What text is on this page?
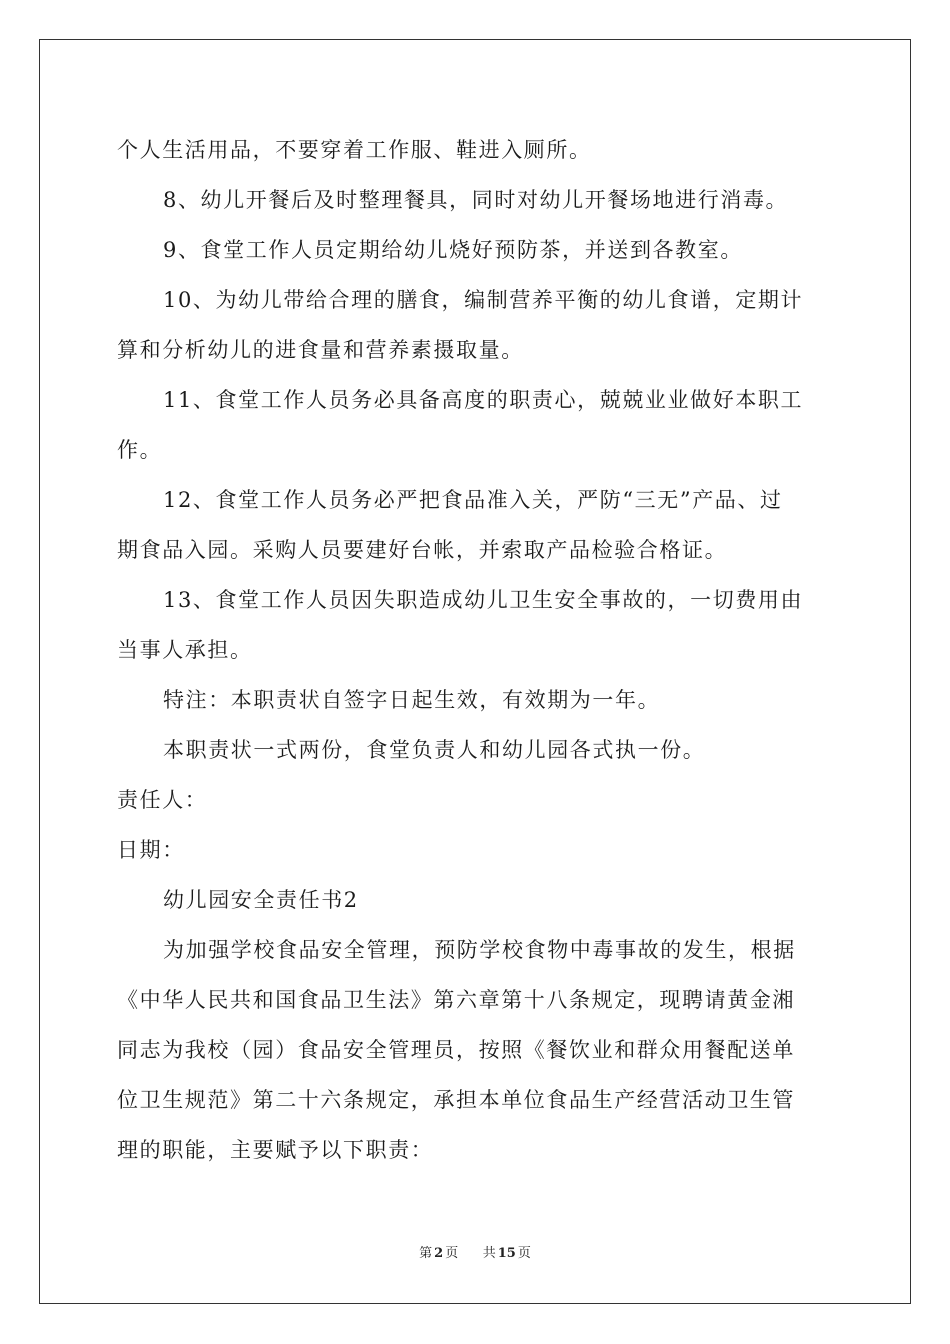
个人生活用品，不要穿着工作服、鞋进入厕所。
8、幼儿开餐后及时整理餐具，同时对幼儿开餐场地进行消毒。
9、食堂工作人员定期给幼儿烧好预防茶，并送到各教室。
10、为幼儿带给合理的膳食，编制营养平衡的幼儿食谱，定期计
算和分析幼儿的进食量和营养素摄取量。
11、食堂工作人员务必具备高度的职责心，兢兢业业做好本职工
作。
12、食堂工作人员务必严把食品准入关，严防“三无”产品、过
期食品入园。采购人员要建好台帐，并索取产品检验合格证。
13、食堂工作人员因失职造成幼儿卫生安全事故的，一切费用由
当事人承担。
特注：本职责状自签字日起生效，有效期为一年。
本职责状一式两份，食堂负责人和幼儿园各式执一份。
责任人：
日期：
幼儿园安全责任书2
为加强学校食品安全管理，预防学校食物中毒事故的发生，根据
《中华人民共和国食品卫生法》第六章第十八条规定，现聘请黄金湘
同志为我校（园）食品安全管理员，按照《餐饮业和群众用餐配送单
位卫生规范》第二十六条规定，承担本单位食品生产经营活动卫生管
理的职能，主要赋予以下职责：
第 2 页 共 15 页
